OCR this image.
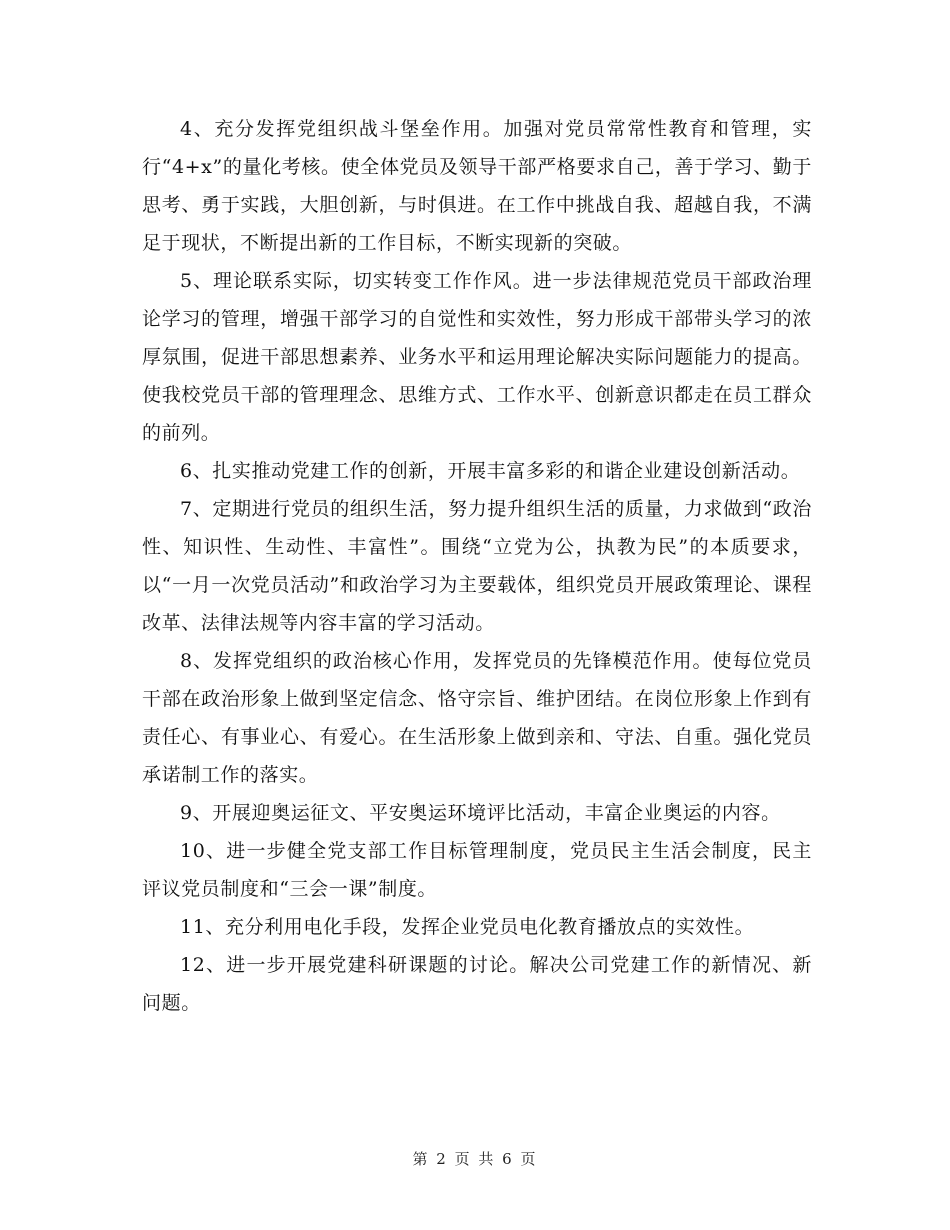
4、充分发挥党组织战斗堡垒作用。加强对党员常常性教育和管理，实行“4+x”的量化考核。使全体党员及领导干部严格要求自己，善于学习、勤于思考、勇于实践，大胆创新，与时俱进。在工作中挑战自我、超越自我，不满足于现状，不断提出新的工作目标，不断实现新的突破。

5、理论联系实际，切实转变工作作风。进一步法律规范党员干部政治理论学习的管理，增强干部学习的自觉性和实效性，努力形成干部带头学习的浓厚氛围，促进干部思想素养、业务水平和运用理论解决实际问题能力的提高。使我校党员干部的管理理念、思维方式、工作水平、创新意识都走在员工群众的前列。

6、扎实推动党建工作的创新，开展丰富多彩的和谐企业建设创新活动。

7、定期进行党员的组织生活，努力提升组织生活的质量，力求做到“政治性、知识性、生动性、丰富性”。围绕“立党为公，执教为民”的本质要求，以“一月一次党员活动”和政治学习为主要载体，组织党员开展政策理论、课程改革、法律法规等内容丰富的学习活动。

8、发挥党组织的政治核心作用，发挥党员的先锋模范作用。使每位党员干部在政治形象上做到坚定信念、恪守宗旨、维护团结。在岗位形象上作到有责任心、有事业心、有爱心。在生活形象上做到亲和、守法、自重。强化党员承诺制工作的落实。

9、开展迎奥运征文、平安奥运环境评比活动，丰富企业奥运的内容。

10、进一步健全党支部工作目标管理制度，党员民主生活会制度，民主评议党员制度和“三会一课”制度。

11、充分利用电化手段，发挥企业党员电化教育播放点的实效性。

12、进一步开展党建科研课题的讨论。解决公司党建工作的新情况、新问题。

第 2 页 共 6 页
